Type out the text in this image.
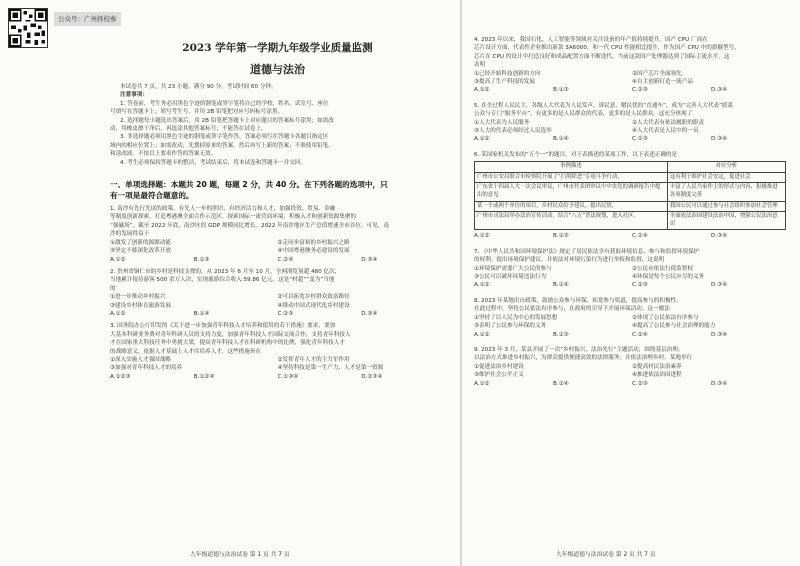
公众号：广州择校参
2023 学年第一学期九年级学业质量监测
道德与法治
本试卷共 7 页，共 23 小题，满分 90 分。考试时间 60 分钟。
注意事项：
1. 答卷前，考生务必用黑色字迹的钢笔或签字笔将自己的学校、姓名、试室号、座位
号填写在答题卡上；填写考生号，并用 2B 铅笔把对应号码标号涂黑。
2. 选择题每小题选出答案后，用 2B 铅笔把答题卡上对应题目的答案标号涂黑；如需改
动，用橡皮擦干净后，再选涂其他答案标号；不能答在试卷上。
3. 非选择题必须用黑色字迹的钢笔或签字笔作答，答案必须写在答题卡各题目指定区
域内的相应位置上；如需改动，先划掉原来的答案，然后再写上新的答案；不准使用铅笔、
和涂改液。不按以上要求作答的答案无效。
4. 考生必须保持答题卡的整洁，考试结束后，将本试卷和答题卡一并交回。
一、单项选择题：本题共 20 题，每题 2 分，共 40 分。在下列各题的选项中，只
有一项是最符合题意的。
1. 南沙有先行先试的政策、有先人一步的胆识、有经济活力和人才，加强投资、贸易、金融
等制度创新探索，打造粤港澳全面合作示范区，探索国际一流营商环境，积极入才和创新资源集聚的
“强磁场”。截至 2022 年底，南沙区的 GDP 规模同比增长。2022 年南沙地区生产总值增速全市首位。可见，南
沙的发展得益于
①激发了创新的源源动能	②走同步富裕的乡村振兴之路
③坚定不移深化改革开放	④中国粤港澳务必建设的发展
A.①②	B.①③	C.②④	D.③④
2. 贵州省铜仁市的乡村是科技支撑的，从 2023 年 6 月至 10 月，全网浏览量超 480 亿次，
当地累计接待游客 500 余万人次，实现旅游综合收入 59.86 亿元。这是“村超”“变为”当地
的
①进一步推动乡村振兴	②可以拓宽乡村群众致富路径
③建设乡村体育旅游发展	④推动中国式现代化乡村建设
A.①②	B.①④	C.②③	D.③④
3. 国务院办公厅印发的《关于进一步加强青年科技人才培养和使用的若干措施》要求，要加
大基本科研业务费对青年科研人员的支持力度，加强青年科技人才国际交流合作，支持青年科技人
才在国家重大科技任务中勇挑大梁，提高青年科技人才在科研机构中的比例，强化青年科技人才
的战略意义，依据人才基础上人才库培养人才，这些措施旨在
①深入实施人才强国战略	②发挥青年人才的主力军作用
③加强对青年科技人才的培养	④坚持科技是第一生产力、人才是第一资源
A.①②③	B.①②④	C.①③④	D.②③④
九年级道德与法治试卷 第 1 页 共 7 页
4. 2023 年以来，我国石化、人工智能等领域对关注设备的年产值持续提升。国产 CPU 厂商在
芯片设计方面，代表性企业推出新款 3A6000，和一代 CPU 性能相比提升，作为国产 CPU 中的旗舰型号，
芯片在 CPU 的设计中打造良好和成品配置方面不断迭代，当前这款国产处理器达到了国际主流水平。这
表明
①已经开始科技创新的方向	②国产芯片全面领先
③提高了生产科技的发展	④自主创新打造一流产品
A.①②	B.①③	C.②③	D.③④
5. 在全过程人民民主，各级人大代表为人民发声，诉民意、解民忧的“直通车”，成为“完善人大代表”联系
公众与专门“服务平台”，有更多的是人民群众的代表，更多的是人民群众。这充分体现了
①人大代表为人民服务	②人大代表有依法履职的职责
③人大的代表必须经过人民选举	④人大代表是人民中的一员
A.①②	B.①④	C.②③	D.③④
6. 某国家机关发布的“五个一”的题目，对下表描述的某项工作，以下表述正确的是
事例描述	对应分析
广州市公安局联合市检察院开展了“扫黑除恶”专项斗争行动，	这有利于维护社会安定，促进社会
广东省十四届人大一次会议审议，广州市代表团审议中中央党的调研报告中提出的意见	丰富了人民当家作主的形式与内容，积极推进各项制度完善
某一个或两个单位的项目，乡村民众给予建议，提出民情，	我国公民可以通过参与社会组织参加社会管理
广州市司法局举办法治宣传活动，结合“八五”普法规划，进入社区，	全面依法治国建设法治中国，增强公民法治意识
A.①②	B.①③	C.②④	D.③④
7. 《中华人民共和国环境保护法》规定了居民依法享有获取环境信息、参与和监督环境保护
的权利。提出环境保护建议，并依法对环境污染行为进行举报和监督，这说明
①环境保护需要广大公民的参与	②公民应依法行使监督权
③公民可以破坏环境违法行为	④环保是每个公民应尽的义务
A.①②	B.①④	C.②③	D.③④
8. 2023 年某地出台政策，鼓励公众参与环保，拓宽参与渠道，提高参与的积极性。
在此过程中，坚持公民依法有序参与，在政府的引导下开展环保活动。这一做法
①坚持了以人民为中心的发展思想	②体现了公民依法有序参与
③表明了公民参与环保的义务	④提高了公民参与社会治理的能力
A.①②	B.①③	C.②④	D.③④
9. 2023 年 3 月，某县开展了一次“乡村振兴，法治先行”主题活动，围绕基层治理、
以法治方式推进乡村振兴，为群众提供便捷高效的法律服务，并依法治理乡村，某地举行
①促进法治乡村建设	②提高村民法治素养
③维护社会公平正义	④推进依法治国进程
A.①②	B.①④	C.②③	D.③④
九年级道德与法治试卷 第 2 页 共 7 页
